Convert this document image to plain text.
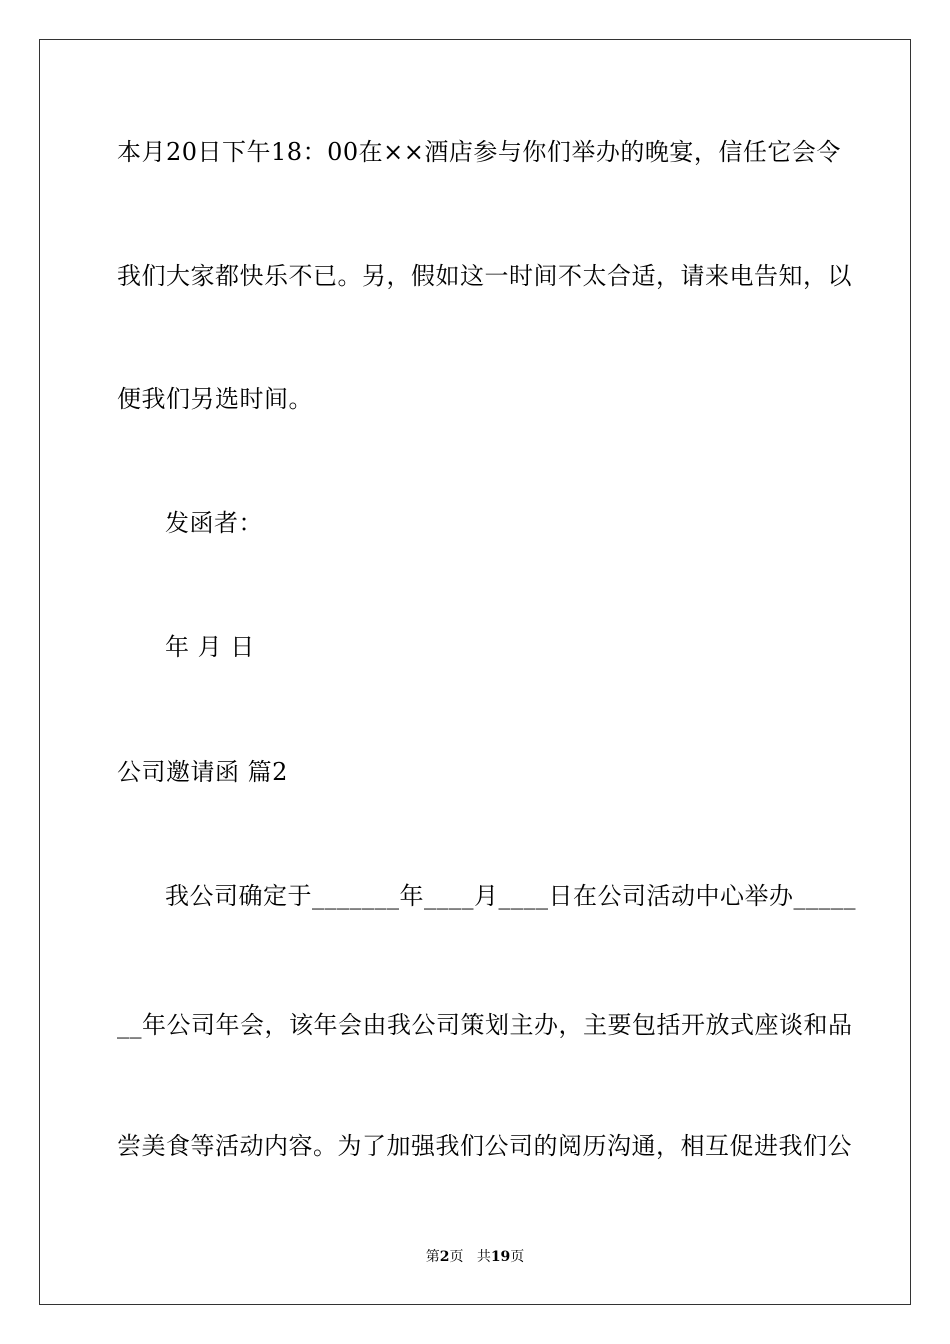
本月20日下午18：00在××酒店参与你们举办的晚宴，信任它会令
我们大家都快乐不已。另，假如这一时间不太合适，请来电告知，以
便我们另选时间。
发函者：
年 月 日
公司邀请函 篇2
我公司确定于_______年____月____日在公司活动中心举办_____
__年公司年会，该年会由我公司策划主办，主要包括开放式座谈和品
尝美食等活动内容。为了加强我们公司的阅历沟通，相互促进我们公
第2页 共19页
